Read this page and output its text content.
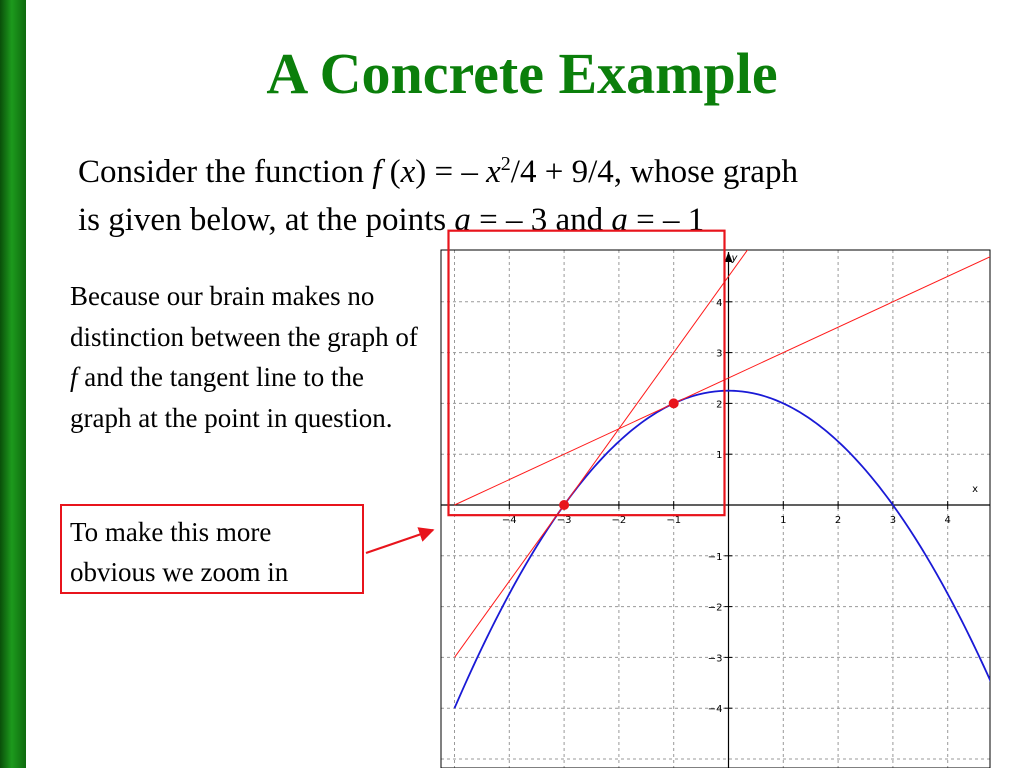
A Concrete Example
Consider the function f (x) = – $x^2/4 + 9/4$, whose graph
is given below, at the points a = – 3 and a = – 1
Because our brain makes no distinction between the graph of f and the tangent line to the graph at the point in question.
To make this more obvious we zoom in
x
y
−4	−3	−2	−1	1	2	3	4
4
3
2
1
−1
−2
−3
−4
